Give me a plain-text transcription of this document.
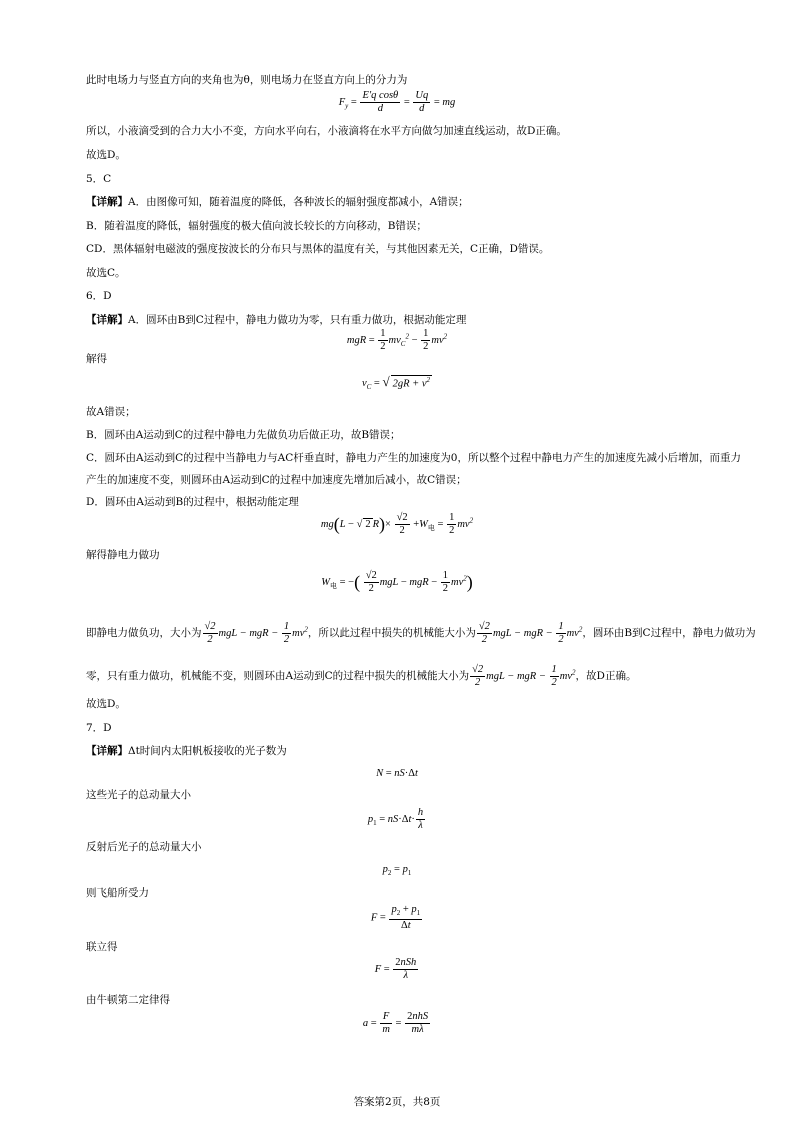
此时电场力与竖直方向的夹角也为θ，则电场力在竖直方向上的分力为
$F_y = \frac{\text{E′q cosθ}}{d} = \frac{Uq}{d}$ = mg
所以，小液滴受到的合力大小不变，方向水平向右，小液滴将在水平方向做匀加速直线运动，故D正确。
故选D。
5．C
【详解】A．由图像可知，随着温度的降低，各种波长的辐射强度都减小，A错误；
B．随着温度的降低，辐射强度的极大值向波长较长的方向移动，B错误；
CD．黑体辐射电磁波的强度按波长的分布只与黑体的温度有关，与其他因素无关，C正确，D错误。
故选C。
6．D
【详解】A．圆环由B到C过程中，静电力做功为零，只有重力做功，根据动能定理
mgR = $\frac{1}{2} mv_C^2 - \frac{1}{2} mv^2$
解得
$v_C$ = √ $2gR + v^2$
故A错误；
B．圆环由A运动到C的过程中静电力先做负功后做正功，故B错误；
C．圆环由A运动到C的过程中当静电力与AC杆垂直时，静电力产生的加速度为0，所以整个过程中静电力产生的加速度先减小后增加，而重力
产生的加速度不变，则圆环由A运动到C的过程中加速度先增加后减小，故C错误；
D．圆环由A运动到B的过程中，根据动能定理
mg(L − √ 2 $R)\times \frac{√2}{2} +W_电 = \frac{1}{2} mv^2$
解得静电力做功
$W_电$ = −( $\frac{√2}{2}$ mgL − mgR − $\frac{1}{2} mv^2$)
即静电力做负功，大小为 $\frac{√2}{2}$ mgL − mgR − $\frac{1}{2} mv^2$，所以此过程中损失的机械能大小为 $\frac{√2}{2}$ mgL − mgR − $\frac{1}{2} mv^2$，圆环由B到C过程中，静电力做功为
零，只有重力做功，机械能不变，则圆环由A运动到C的过程中损失的机械能大小为 $\frac{√2}{2}$ mgL − mgR − $\frac{1}{2} mv^2$，故D正确。
故选D。
7．D
【详解】Δt时间内太阳帆板接收的光子数为
N = nS·Δt
这些光子的总动量大小
$p_1 = nS\cdot\Delta t\cdot \frac{h}{\lambda}$
反射后光子的总动量大小
$p_2 = p_1$
则飞船所受力
$F = \frac{p_2 + p_1}{\Delta t}$
联立得
F =
2nSh
λ
由牛顿第二定律得
$a = \frac{F}{m}$ =
2nhS
mλ
答案第2页，共8页
